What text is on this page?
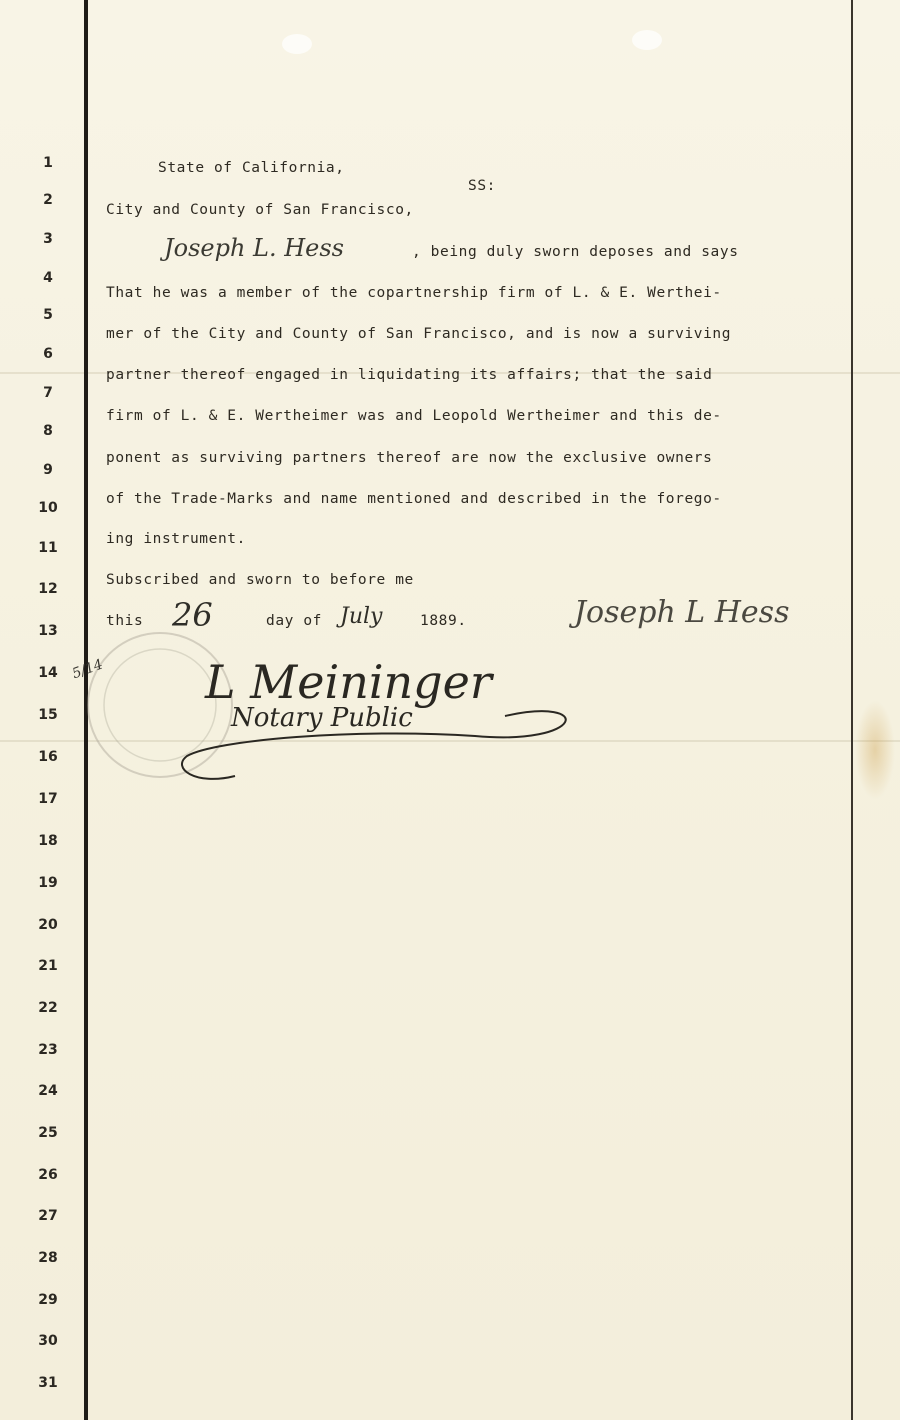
1
2
3
4
5
6
7
8
9
10
11
12
13
14
15
16
17
18
19
20
21
22
23
24
25
26
27
28
29
30
31
State of California,
SS:
City and County of San Francisco,
Joseph L. Hess	, being duly sworn deposes and says
That he was a member of the copartnership firm of L. & E. Werthei-
mer of the City and County of San Francisco, and is now a surviving
partner thereof engaged in liquidating its affairs; that the said
firm of L. & E. Wertheimer was and Leopold Wertheimer and this de-
ponent as surviving partners thereof are now the exclusive owners
of the Trade-Marks and name mentioned and described in the forego-
ing instrument.
Subscribed and sworn to before me
this 26	day of July	1889.	Joseph L Hess
5/14 L Meininger
Notary Public
